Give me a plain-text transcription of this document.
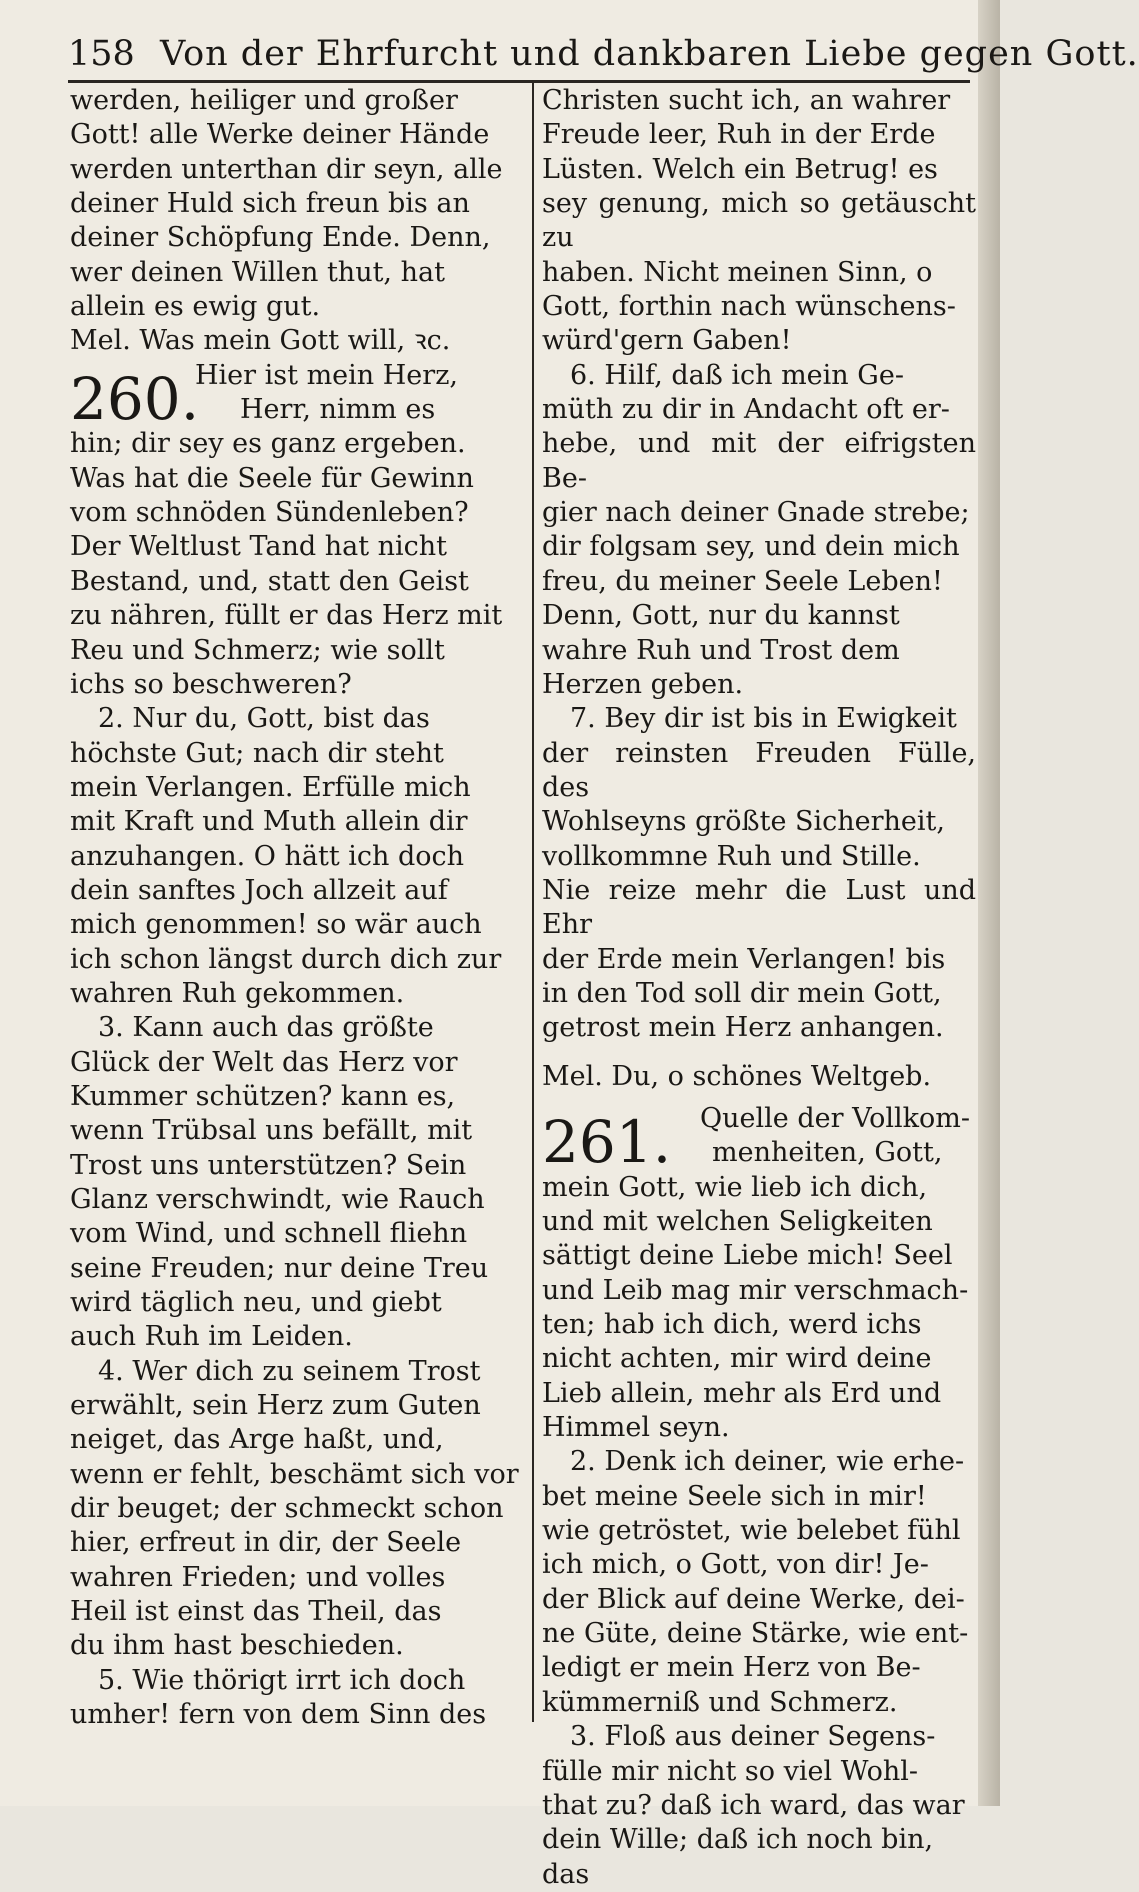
158 Von der Ehrfurcht und dankbaren Liebe gegen Gott.

werden, heiliger und großer

Gott! alle Werke deiner Hände

werden unterthan dir seyn, alle

deiner Huld sich freun bis an

deiner Schöpfung Ende. Denn,

wer deinen Willen thut, hat

allein es ewig gut.

Mel. Was mein Gott will, ꝛc.

260.

Hier ist mein Herz,

Herr, nimm es

hin; dir sey es ganz ergeben.

Was hat die Seele für Gewinn

vom schnöden Sündenleben?

Der Weltlust Tand hat nicht

Bestand, und, statt den Geist

zu nähren, füllt er das Herz mit

Reu und Schmerz; wie sollt

ichs so beschweren?

2. Nur du, Gott, bist das

höchste Gut; nach dir steht

mein Verlangen. Erfülle mich

mit Kraft und Muth allein dir

anzuhangen. O hätt ich doch

dein sanftes Joch allzeit auf

mich genommen! so wär auch

ich schon längst durch dich zur

wahren Ruh gekommen.

3. Kann auch das größte

Glück der Welt das Herz vor

Kummer schützen? kann es,

wenn Trübsal uns befällt, mit

Trost uns unterstützen? Sein

Glanz verschwindt, wie Rauch

vom Wind, und schnell fliehn

seine Freuden; nur deine Treu

wird täglich neu, und giebt

auch Ruh im Leiden.

4. Wer dich zu seinem Trost

erwählt, sein Herz zum Guten

neiget, das Arge haßt, und,

wenn er fehlt, beschämt sich vor

dir beuget; der schmeckt schon

hier, erfreut in dir, der Seele

wahren Frieden; und volles

Heil ist einst das Theil, das

du ihm hast beschieden.

5. Wie thörigt irrt ich doch

umher! fern von dem Sinn des

Christen sucht ich, an wahrer

Freude leer, Ruh in der Erde

Lüsten. Welch ein Betrug! es

sey genung, mich so getäuscht zu

haben. Nicht meinen Sinn, o

Gott, forthin nach wünschens-

würd'gern Gaben!

6. Hilf, daß ich mein Ge-

müth zu dir in Andacht oft er-

hebe, und mit der eifrigsten Be-

gier nach deiner Gnade strebe;

dir folgsam sey, und dein mich

freu, du meiner Seele Leben!

Denn, Gott, nur du kannst

wahre Ruh und Trost dem

Herzen geben.

7. Bey dir ist bis in Ewigkeit

der reinsten Freuden Fülle, des

Wohlseyns größte Sicherheit,

vollkommne Ruh und Stille.

Nie reize mehr die Lust und Ehr

der Erde mein Verlangen! bis

in den Tod soll dir mein Gott,

getrost mein Herz anhangen.

Mel. Du, o schönes Weltgeb.

261.	Quelle der Vollkom-

menheiten, Gott,

mein Gott, wie lieb ich dich,

und mit welchen Seligkeiten

sättigt deine Liebe mich! Seel

und Leib mag mir verschmach-

ten; hab ich dich, werd ichs

nicht achten, mir wird deine

Lieb allein, mehr als Erd und

Himmel seyn.

2. Denk ich deiner, wie erhe-

bet meine Seele sich in mir!

wie getröstet, wie belebet fühl

ich mich, o Gott, von dir! Je-

der Blick auf deine Werke, dei-

ne Güte, deine Stärke, wie ent-

ledigt er mein Herz von Be-

kümmerniß und Schmerz.

3. Floß aus deiner Segens-

fülle mir nicht so viel Wohl-

that zu? daß ich ward, das war

dein Wille; daß ich noch bin,

das
